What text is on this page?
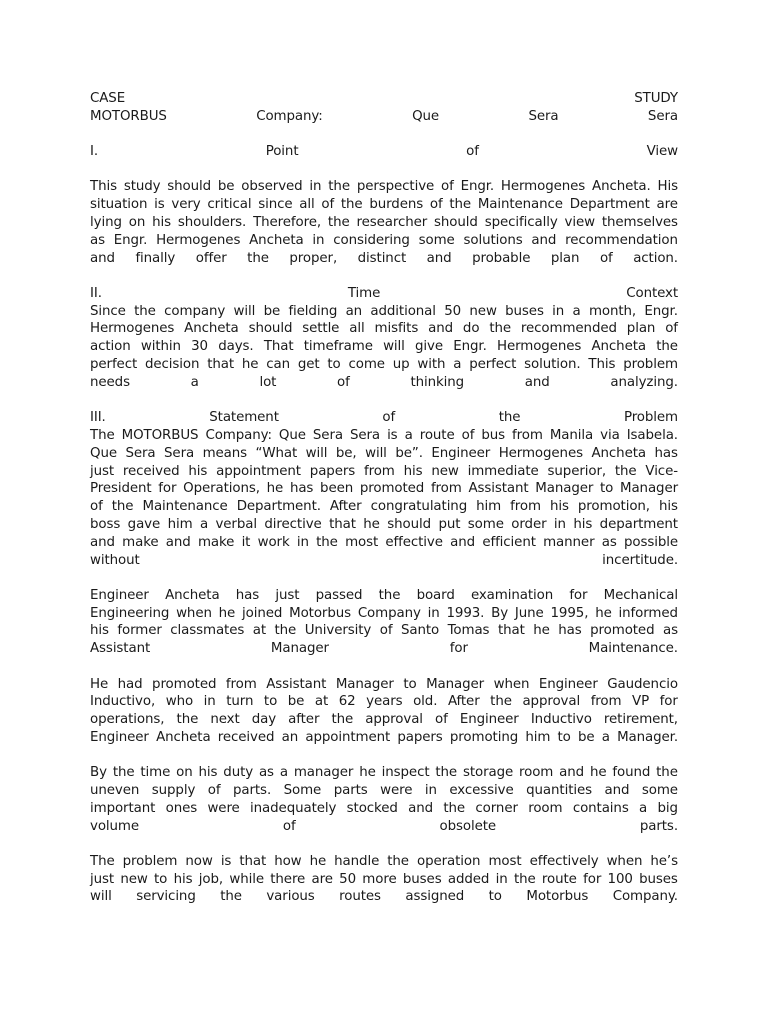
CASE	STUDY
MOTORBUS	Company:	Que	Sera	Sera
I.	Point	of	View
This study should be observed in the perspective of Engr. Hermogenes Ancheta. His
situation is very critical since all of the burdens of the Maintenance Department are
lying on his shoulders. Therefore, the researcher should specifically view themselves
as Engr. Hermogenes Ancheta in considering some solutions and recommendation
and finally offer the proper, distinct and probable plan of action.
II.	Time	Context
Since the company will be fielding an additional 50 new buses in a month, Engr.
Hermogenes Ancheta should settle all misfits and do the recommended plan of
action within 30 days. That timeframe will give Engr. Hermogenes Ancheta the
perfect decision that he can get to come up with a perfect solution. This problem
needs	a	lot	of	thinking	and	analyzing.
III.	Statement	of	the	Problem
The MOTORBUS Company: Que Sera Sera is a route of bus from Manila via Isabela.
Que Sera Sera means “What will be, will be”. Engineer Hermogenes Ancheta has
just received his appointment papers from his new immediate superior, the Vice-
President for Operations, he has been promoted from Assistant Manager to Manager
of the Maintenance Department. After congratulating him from his promotion, his
boss gave him a verbal directive that he should put some order in his department
and make and make it work in the most effective and efficient manner as possible
without	incertitude.
Engineer Ancheta has just passed the board examination for Mechanical
Engineering when he joined Motorbus Company in 1993. By June 1995, he informed
his former classmates at the University of Santo Tomas that he has promoted as
Assistant	Manager	for	Maintenance.
He had promoted from Assistant Manager to Manager when Engineer Gaudencio
Inductivo, who in turn to be at 62 years old. After the approval from VP for
operations, the next day after the approval of Engineer Inductivo retirement,
Engineer Ancheta received an appointment papers promoting him to be a Manager.
By the time on his duty as a manager he inspect the storage room and he found the
uneven supply of parts. Some parts were in excessive quantities and some
important ones were inadequately stocked and the corner room contains a big
volume	of	obsolete	parts.
The problem now is that how he handle the operation most effectively when he’s
just new to his job, while there are 50 more buses added in the route for 100 buses
will servicing the various routes assigned to Motorbus Company.
